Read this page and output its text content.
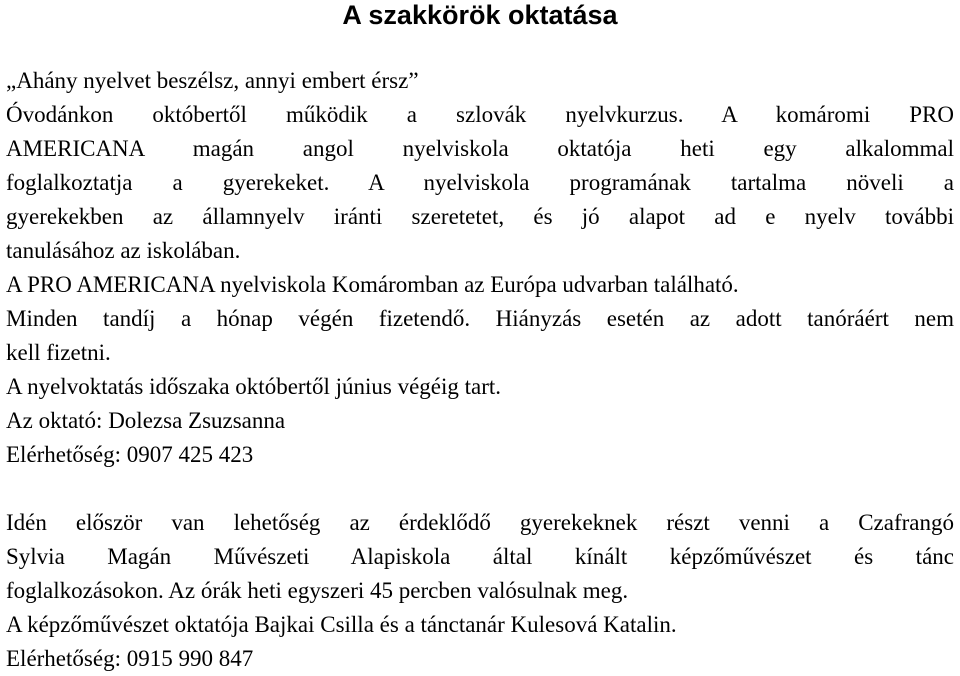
A szakkörök oktatása

„Ahány nyelvet beszélsz, annyi embert érsz”

Óvodánkon októbertől működik a szlovák nyelvkurzus. A komáromi PRO

AMERICANA magán angol nyelviskola oktatója heti egy alkalommal

foglalkoztatja a gyerekeket. A nyelviskola programának tartalma növeli a

gyerekekben az államnyelv iránti szeretetet, és jó alapot ad e nyelv további

tanulásához az iskolában.

A PRO AMERICANA nyelviskola Komáromban az Európa udvarban található.

Minden tandíj a hónap végén fizetendő. Hiányzás esetén az adott tanóráért nem

kell fizetni.

A nyelvoktatás időszaka októbertől június végéig tart.

Az oktató: Dolezsa Zsuzsanna

Elérhetőség: 0907 425 423

Idén először van lehetőség az érdeklődő gyerekeknek részt venni a Czafrangó

Sylvia Magán Művészeti Alapiskola által kínált képzőművészet és tánc

foglalkozásokon. Az órák heti egyszeri 45 percben valósulnak meg.

A képzőművészet oktatója Bajkai Csilla és a tánctanár Kulesová Katalin.

Elérhetőség: 0915 990 847
